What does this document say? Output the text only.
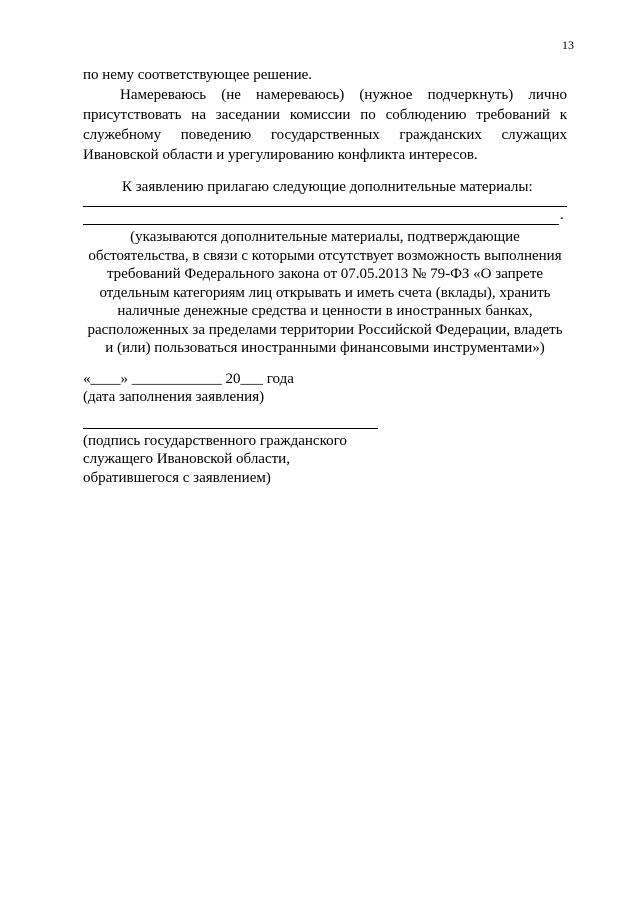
13
по нему соответствующее решение.
Намереваюсь (не намереваюсь) (нужное подчеркнуть) лично
присутствовать на заседании комиссии по соблюдению требований к
служебному поведению государственных гражданских служащих
Ивановской области и урегулированию конфликта интересов.
К заявлению прилагаю следующие дополнительные материалы:
.
(указываются дополнительные материалы, подтверждающие
обстоятельства, в связи с которыми отсутствует возможность выполнения
требований Федерального закона от 07.05.2013 № 79-ФЗ «О запрете
отдельным категориям лиц открывать и иметь счета (вклады), хранить
наличные денежные средства и ценности в иностранных банках,
расположенных за пределами территории Российской Федерации, владеть
и (или) пользоваться иностранными финансовыми инструментами»)
«____» ____________ 20___ года
(дата заполнения заявления)
(подпись государственного гражданского
служащего Ивановской области,
обратившегося с заявлением)
